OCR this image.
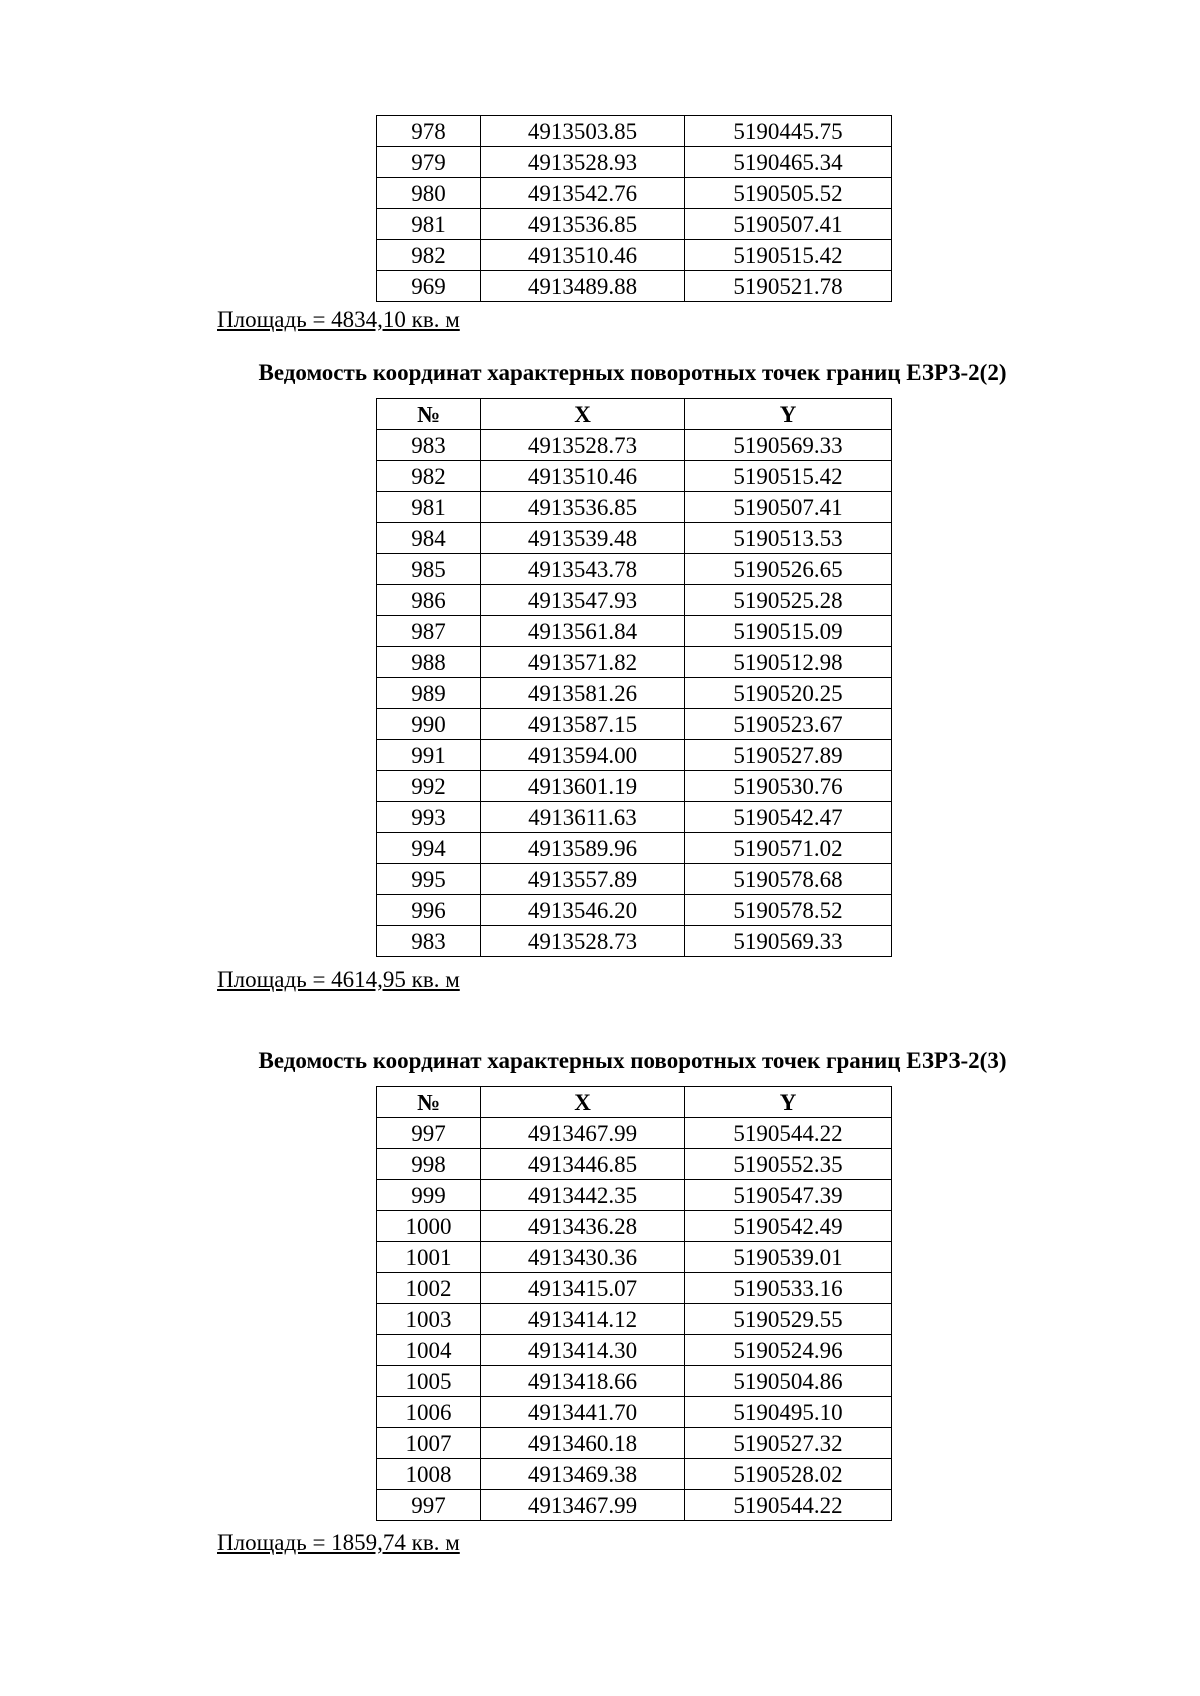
978	4913503.85	5190445.75
979	4913528.93	5190465.34
980	4913542.76	5190505.52
981	4913536.85	5190507.41
982	4913510.46	5190515.42
969	4913489.88	5190521.78
Площадь = 4834,10 кв. м
Ведомость координат характерных поворотных точек границ ЕЗРЗ-2(2)
№	X	Y
983	4913528.73	5190569.33
982	4913510.46	5190515.42
981	4913536.85	5190507.41
984	4913539.48	5190513.53
985	4913543.78	5190526.65
986	4913547.93	5190525.28
987	4913561.84	5190515.09
988	4913571.82	5190512.98
989	4913581.26	5190520.25
990	4913587.15	5190523.67
991	4913594.00	5190527.89
992	4913601.19	5190530.76
993	4913611.63	5190542.47
994	4913589.96	5190571.02
995	4913557.89	5190578.68
996	4913546.20	5190578.52
983	4913528.73	5190569.33
Площадь = 4614,95 кв. м
Ведомость координат характерных поворотных точек границ ЕЗРЗ-2(3)
№	X	Y
997	4913467.99	5190544.22
998	4913446.85	5190552.35
999	4913442.35	5190547.39
1000	4913436.28	5190542.49
1001	4913430.36	5190539.01
1002	4913415.07	5190533.16
1003	4913414.12	5190529.55
1004	4913414.30	5190524.96
1005	4913418.66	5190504.86
1006	4913441.70	5190495.10
1007	4913460.18	5190527.32
1008	4913469.38	5190528.02
997	4913467.99	5190544.22
Площадь = 1859,74 кв. м
